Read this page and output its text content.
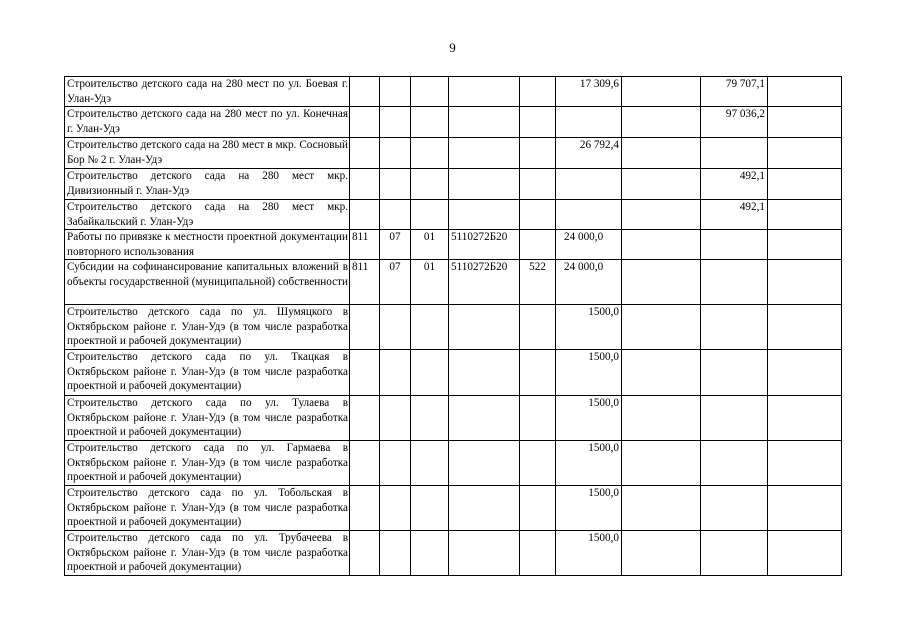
9
Строительство детского сада на 280 мест по ул. Боевая г. Улан-Удэ						17 309,6		79 707,1	
Строительство детского сада на 280 мест по ул. Конечная г. Улан-Удэ								97 036,2	
Строительство детского сада на 280 мест в мкр. Сосновый Бор № 2 г. Улан-Удэ						26 792,4			
Строительство детского сада на 280 мест мкр. Дивизионный г. Улан-Удэ								492,1	
Строительство детского сада на 280 мест мкр. Забайкальский г. Улан-Удэ								492,1	
Работы по привязке к местности проектной документации повторного использования	811	07	01	5110272Б20		24 000,0			
Субсидии на софинансирование капитальных вложений в объекты государственной (муниципальной) собственности	811	07	01	5110272Б20	522	24 000,0			
Строительство детского сада по ул. Шумяцкого в Октябрьском районе г. Улан-Удэ (в том числе разработка проектной и рабочей документации)						1500,0			
Строительство детского сада по ул. Ткацкая в Октябрьском районе г. Улан-Удэ (в том числе разработка проектной и рабочей документации)						1500,0			
Строительство детского сада по ул. Тулаева в Октябрьском районе г. Улан-Удэ (в том числе разработка проектной и рабочей документации)						1500,0			
Строительство детского сада по ул. Гармаева в Октябрьском районе г. Улан-Удэ (в том числе разработка проектной и рабочей документации)						1500,0			
Строительство детского сада по ул. Тобольская в Октябрьском районе г. Улан-Удэ (в том числе разработка проектной и рабочей документации)						1500,0			
Строительство детского сада по ул. Трубачеева в Октябрьском районе г. Улан-Удэ (в том числе разработка проектной и рабочей документации)						1500,0			
